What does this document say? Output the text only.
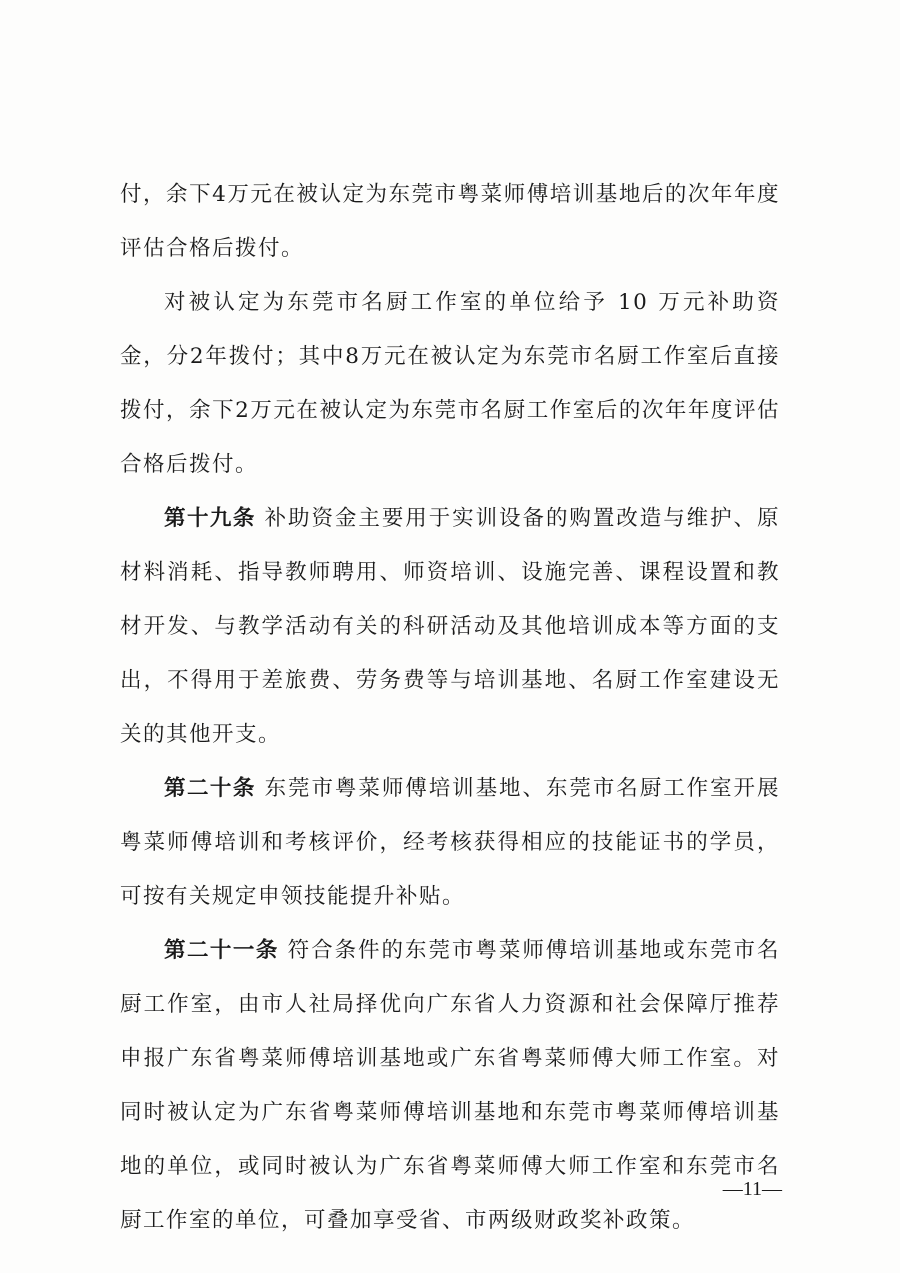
付，余下4万元在被认定为东莞市粤菜师傅培训基地后的次年年度评估合格后拨付。

对被认定为东莞市名厨工作室的单位给予 10 万元补助资金，分2年拨付；其中8万元在被认定为东莞市名厨工作室后直接拨付，余下2万元在被认定为东莞市名厨工作室后的次年年度评估合格后拨付。

第十九条 补助资金主要用于实训设备的购置改造与维护、原材料消耗、指导教师聘用、师资培训、设施完善、课程设置和教材开发、与教学活动有关的科研活动及其他培训成本等方面的支出，不得用于差旅费、劳务费等与培训基地、名厨工作室建设无关的其他开支。

第二十条 东莞市粤菜师傅培训基地、东莞市名厨工作室开展粤菜师傅培训和考核评价，经考核获得相应的技能证书的学员，可按有关规定申领技能提升补贴。

第二十一条 符合条件的东莞市粤菜师傅培训基地或东莞市名厨工作室，由市人社局择优向广东省人力资源和社会保障厅推荐申报广东省粤菜师傅培训基地或广东省粤菜师傅大师工作室。对同时被认定为广东省粤菜师傅培训基地和东莞市粤菜师傅培训基地的单位，或同时被认为广东省粤菜师傅大师工作室和东莞市名厨工作室的单位，可叠加享受省、市两级财政奖补政策。

—11—
